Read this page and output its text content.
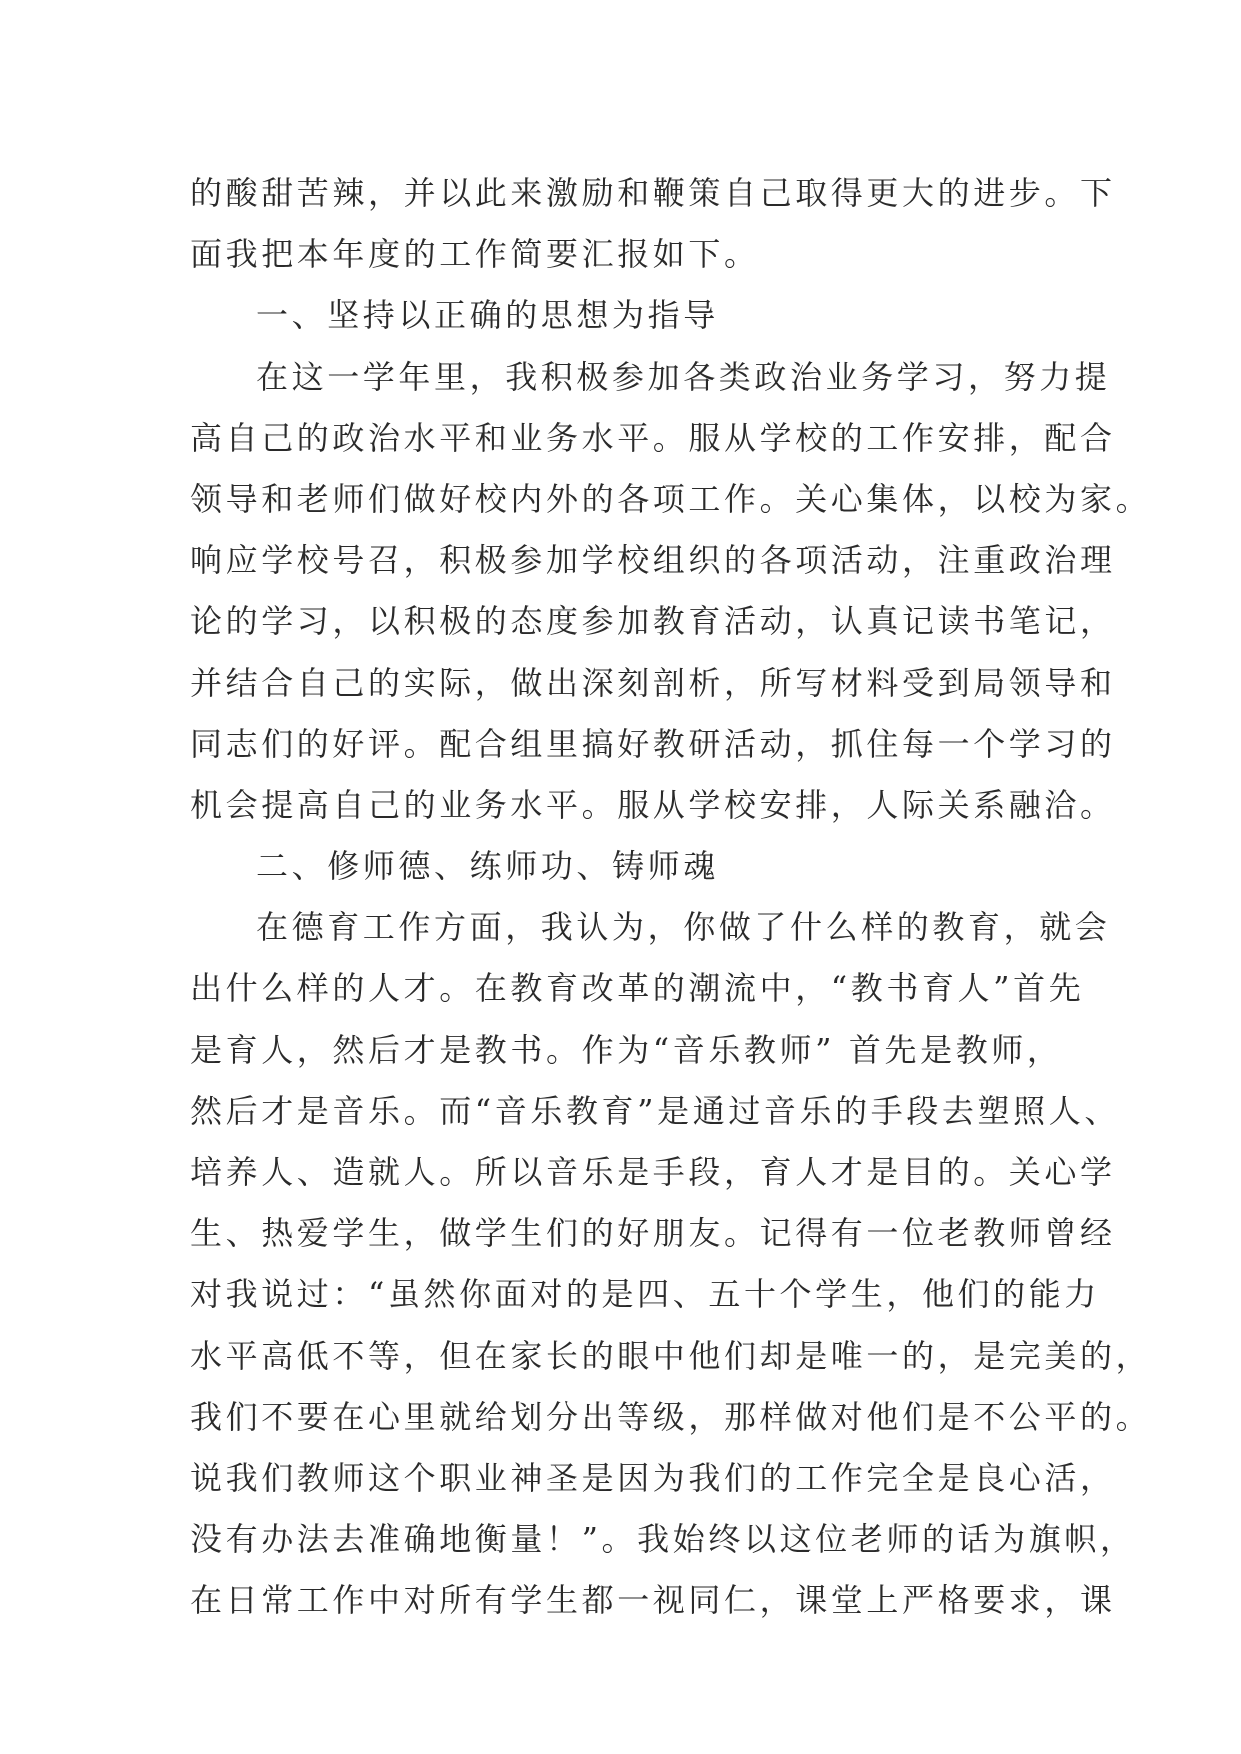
的酸甜苦辣，并以此来激励和鞭策自己取得更大的进步。下
面我把本年度的工作简要汇报如下。
一、坚持以正确的思想为指导
在这一学年里，我积极参加各类政治业务学习，努力提
高自己的政治水平和业务水平。服从学校的工作安排，配合
领导和老师们做好校内外的各项工作。关心集体，以校为家。
响应学校号召，积极参加学校组织的各项活动，注重政治理
论的学习，以积极的态度参加教育活动，认真记读书笔记，
并结合自己的实际，做出深刻剖析，所写材料受到局领导和
同志们的好评。配合组里搞好教研活动，抓住每一个学习的
机会提高自己的业务水平。服从学校安排，人际关系融洽。
二、修师德、练师功、铸师魂
在德育工作方面，我认为，你做了什么样的教育，就会
出什么样的人才。在教育改革的潮流中，“教书育人”首先
是育人，然后才是教书。作为“音乐教师” 首先是教师，
然后才是音乐。而“音乐教育”是通过音乐的手段去塑照人、
培养人、造就人。所以音乐是手段，育人才是目的。关心学
生、热爱学生，做学生们的好朋友。记得有一位老教师曾经
对我说过：“虽然你面对的是四、五十个学生，他们的能力
水平高低不等，但在家长的眼中他们却是唯一的，是完美的，
我们不要在心里就给划分出等级，那样做对他们是不公平的。
说我们教师这个职业神圣是因为我们的工作完全是良心活，
没有办法去准确地衡量！”。我始终以这位老师的话为旗帜，
在日常工作中对所有学生都一视同仁，课堂上严格要求，课
